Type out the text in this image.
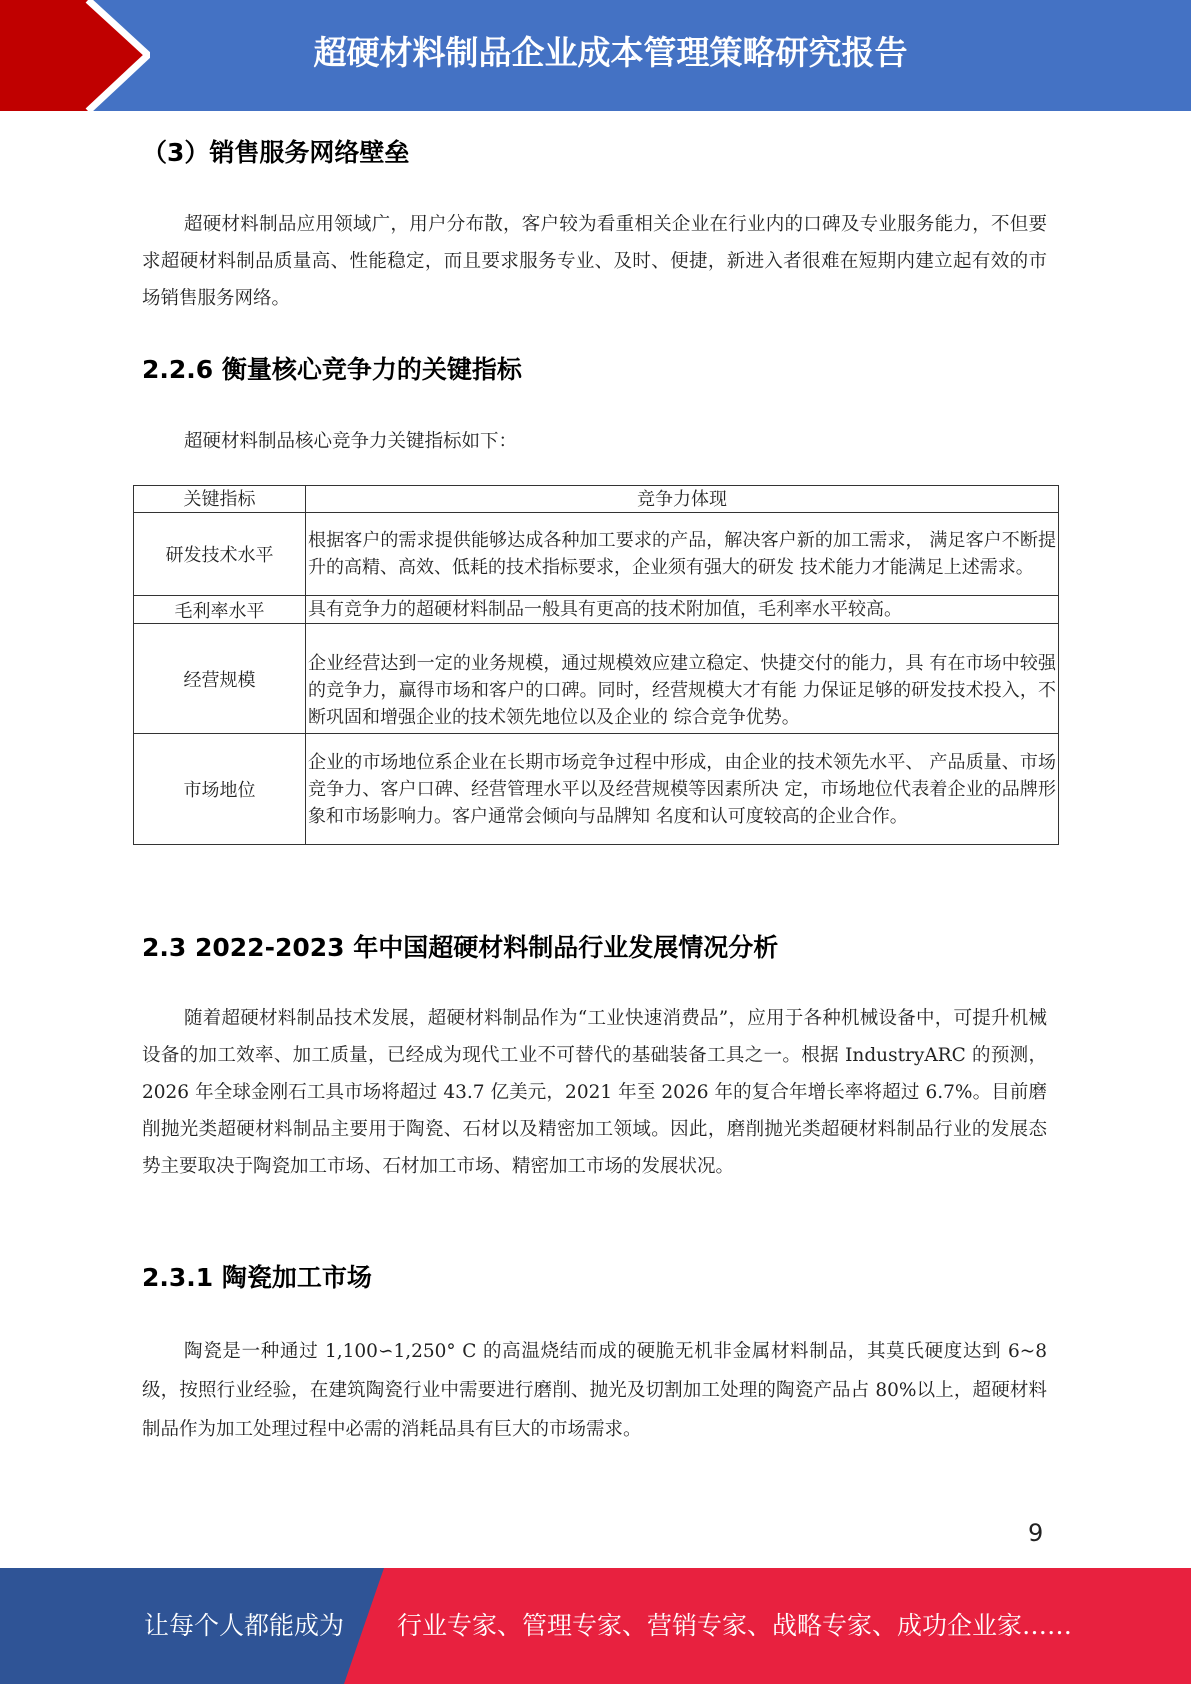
超硬材料制品企业成本管理策略研究报告
（3）销售服务网络壁垒
超硬材料制品应用领域广，用户分布散，客户较为看重相关企业在行业内的口碑及专业服务能力，不但要求超硬材料制品质量高、性能稳定，而且要求服务专业、及时、便捷，新进入者很难在短期内建立起有效的市场销售服务网络。
2.2.6 衡量核心竞争力的关键指标
超硬材料制品核心竞争力关键指标如下：
关键指标	竞争力体现
研发技术水平	根据客户的需求提供能够达成各种加工要求的产品，解决客户新的加工需求， 满足客户不断提升的高精、高效、低耗的技术指标要求，企业须有强大的研发 技术能力才能满足上述需求。
毛利率水平	具有竞争力的超硬材料制品一般具有更高的技术附加值，毛利率水平较高。
经营规模	企业经营达到一定的业务规模，通过规模效应建立稳定、快捷交付的能力，具 有在市场中较强的竞争力，赢得市场和客户的口碑。同时，经营规模大才有能 力保证足够的研发技术投入，不断巩固和增强企业的技术领先地位以及企业的 综合竞争优势。
市场地位	企业的市场地位系企业在长期市场竞争过程中形成，由企业的技术领先水平、 产品质量、市场竞争力、客户口碑、经营管理水平以及经营规模等因素所决 定，市场地位代表着企业的品牌形象和市场影响力。客户通常会倾向与品牌知 名度和认可度较高的企业合作。
2.3 2022-2023 年中国超硬材料制品行业发展情况分析
随着超硬材料制品技术发展，超硬材料制品作为“工业快速消费品”，应用于各种机械设备中，可提升机械设备的加工效率、加工质量，已经成为现代工业不可替代的基础装备工具之一。根据 IndustryARC 的预测，2026 年全球金刚石工具市场将超过 43.7 亿美元，2021 年至 2026 年的复合年增长率将超过 6.7%。目前磨削抛光类超硬材料制品主要用于陶瓷、石材以及精密加工领域。因此，磨削抛光类超硬材料制品行业的发展态势主要取决于陶瓷加工市场、石材加工市场、精密加工市场的发展状况。
2.3.1 陶瓷加工市场
陶瓷是一种通过 1,100∽1,250° C 的高温烧结而成的硬脆无机非金属材料制品，其莫氏硬度达到 6~8 级，按照行业经验，在建筑陶瓷行业中需要进行磨削、抛光及切割加工处理的陶瓷产品占 80%以上，超硬材料制品作为加工处理过程中必需的消耗品具有巨大的市场需求。
9
让每个人都能成为 行业专家、管理专家、营销专家、战略专家、成功企业家……
